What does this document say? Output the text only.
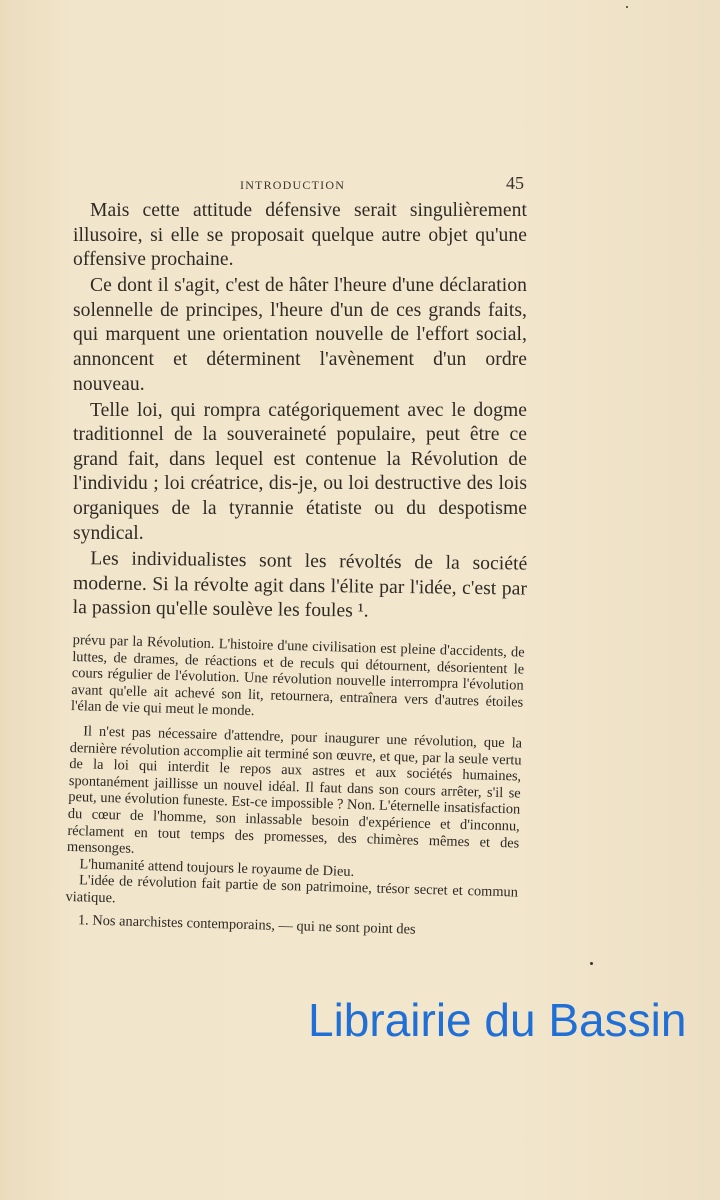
INTRODUCTION	45

Mais cette attitude défensive serait singulièrement illusoire, si elle se proposait quelque autre objet qu'une offensive prochaine.

Ce dont il s'agit, c'est de hâter l'heure d'une déclaration solennelle de principes, l'heure d'un de ces grands faits, qui marquent une orientation nouvelle de l'effort social, annoncent et déterminent l'avènement d'un ordre nouveau.

Telle loi, qui rompra catégoriquement avec le dogme traditionnel de la souveraineté populaire, peut être ce grand fait, dans lequel est contenue la Révolution de l'individu ; loi créatrice, dis-je, ou loi destructive des lois organiques de la tyrannie étatiste ou du despotisme syndical.

Les individualistes sont les révoltés de la société moderne. Si la révolte agit dans l'élite par l'idée, c'est par la passion qu'elle soulève les foules ¹.

prévu par la Révolution. L'histoire d'une civilisation est pleine d'accidents, de luttes, de drames, de réactions et de reculs qui détournent, désorientent le cours régulier de l'évolution. Une révolution nouvelle interrompra l'évolution avant qu'elle ait achevé son lit, retournera, entraînera vers d'autres étoiles l'élan de vie qui meut le monde.

Il n'est pas nécessaire d'attendre, pour inaugurer une révolution, que la dernière révolution accomplie ait terminé son œuvre, et que, par la seule vertu de la loi qui interdit le repos aux astres et aux sociétés humaines, spontanément jaillisse un nouvel idéal. Il faut dans son cours arrêter, s'il se peut, une évolution funeste. Est-ce impossible ? Non. L'éternelle insatisfaction du cœur de l'homme, son inlassable besoin d'expérience et d'inconnu, réclament en tout temps des promesses, des chimères mêmes et des mensonges.

L'humanité attend toujours le royaume de Dieu.

L'idée de révolution fait partie de son patrimoine, trésor secret et commun viatique.

1. Nos anarchistes contemporains, — qui ne sont point des

Librairie du Bassin
